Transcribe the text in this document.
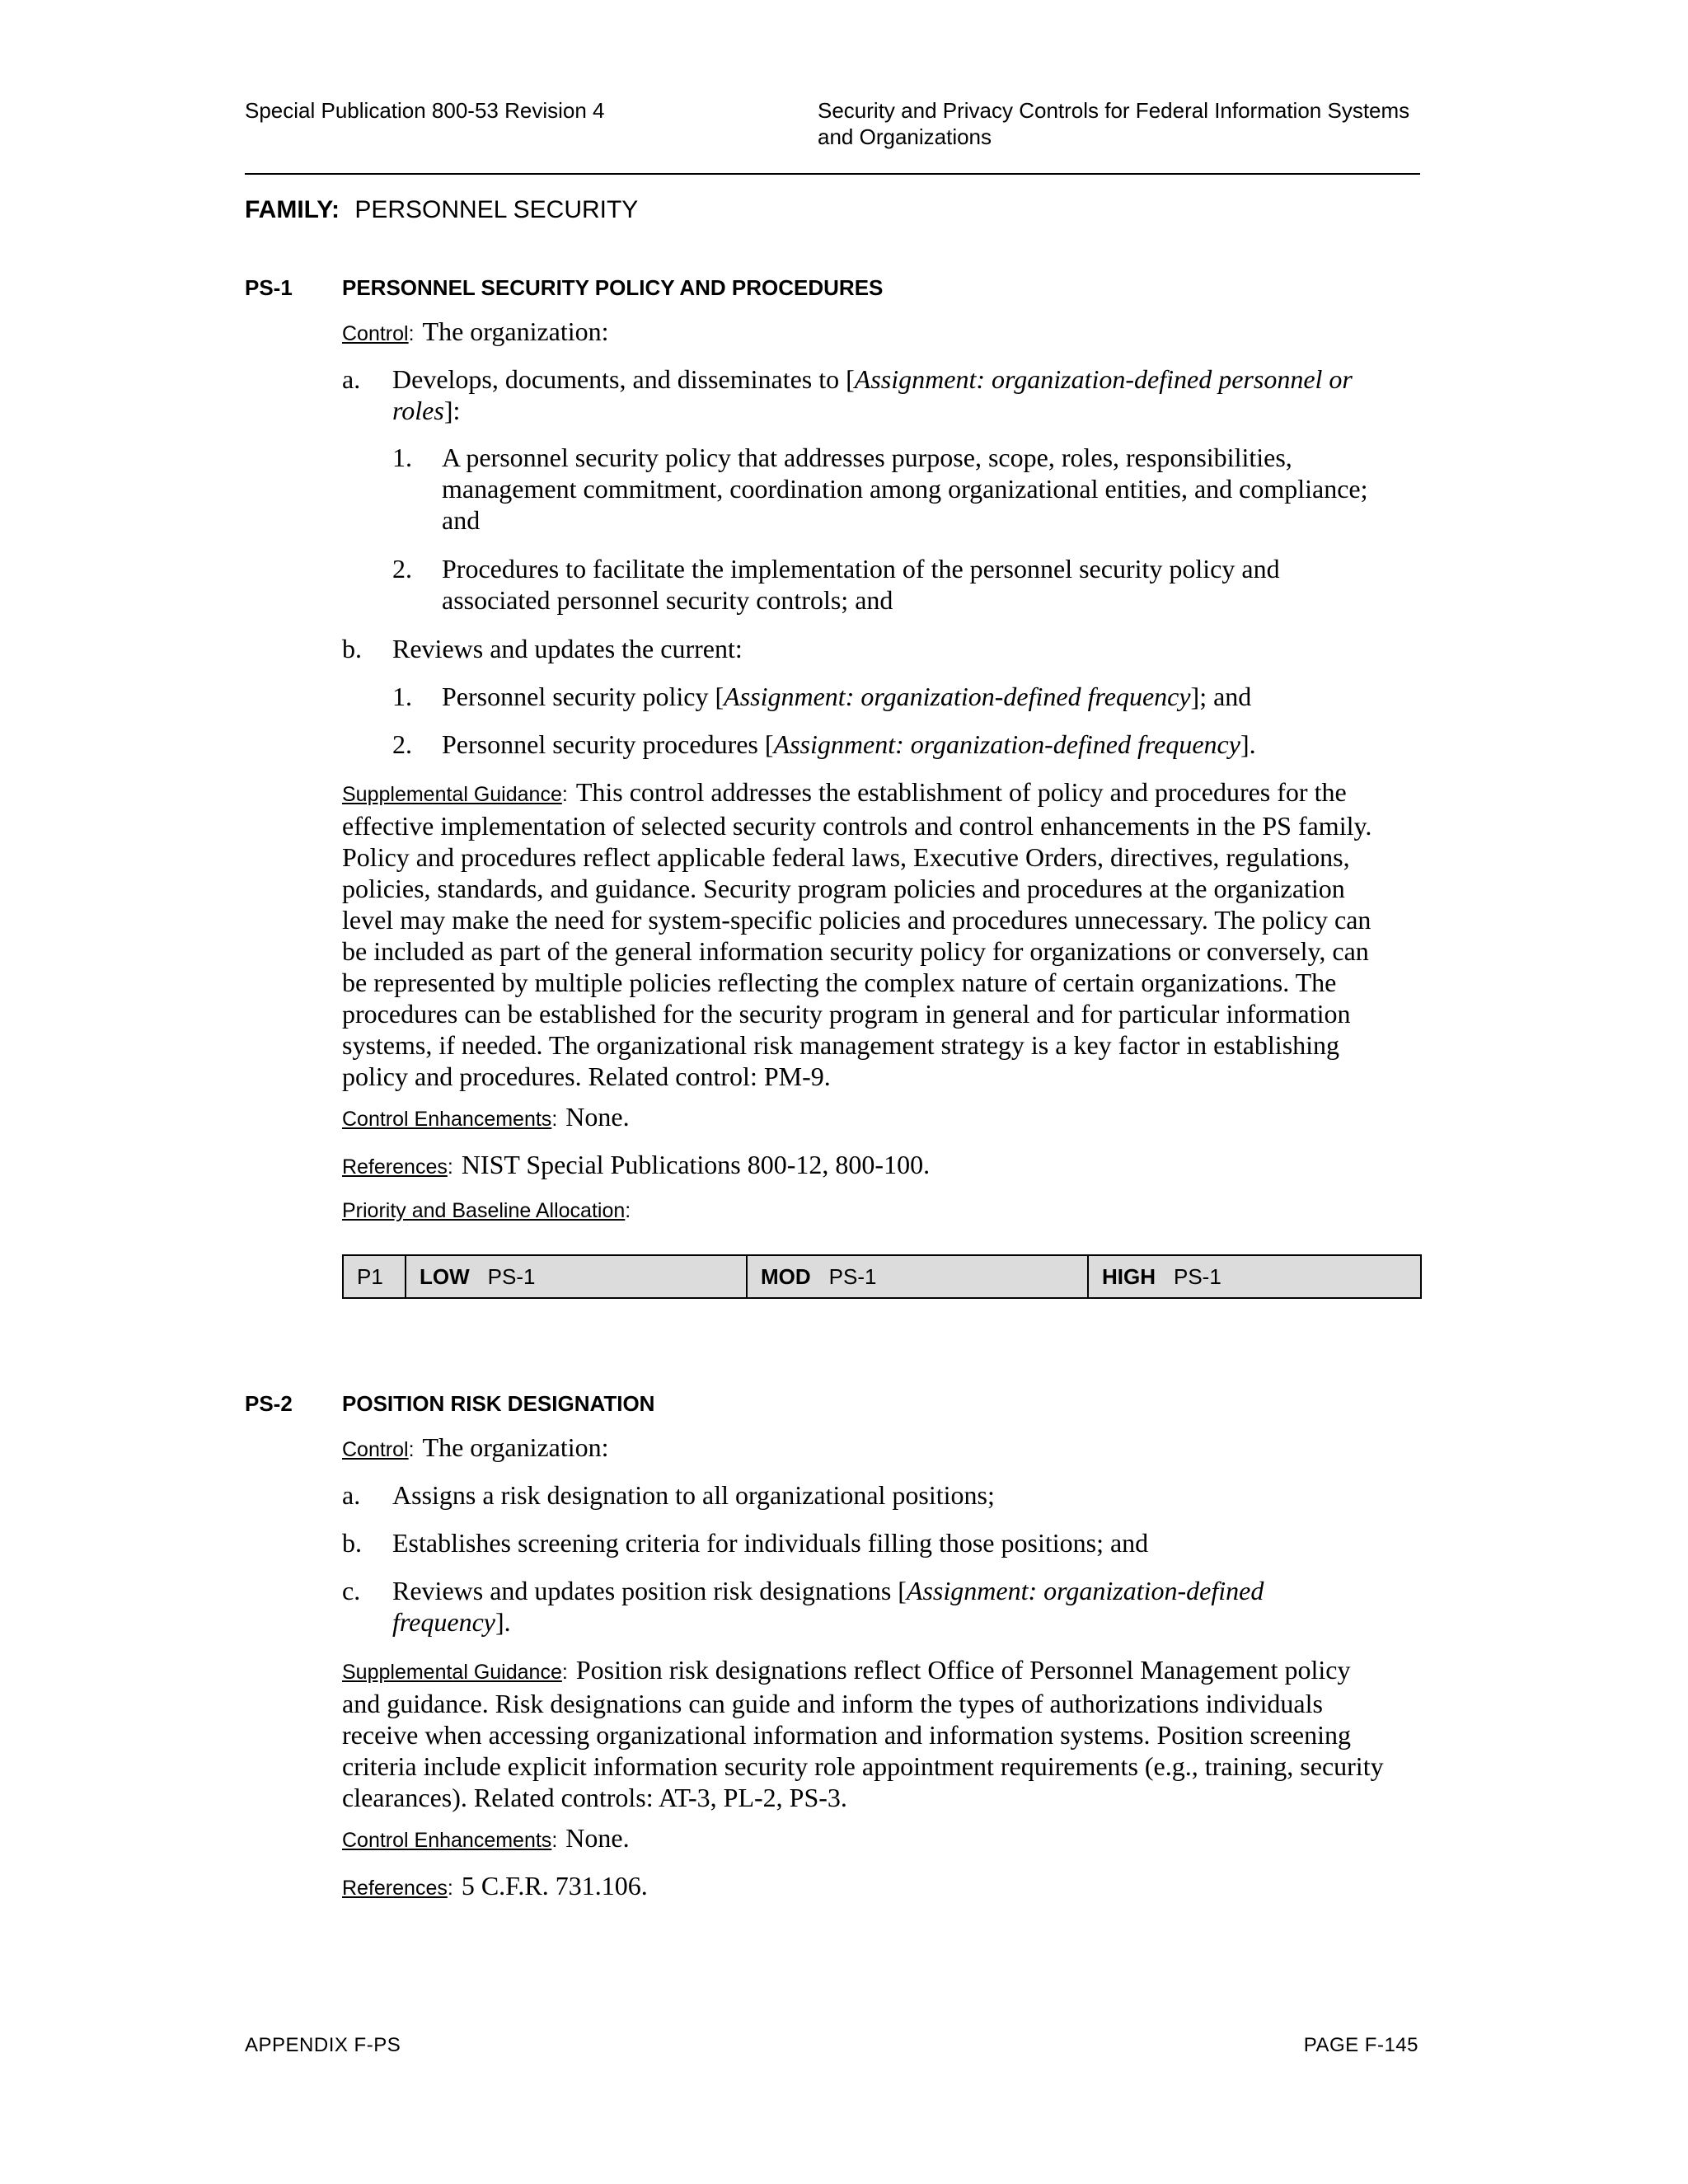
Special Publication 800-53 Revision 4	Security and Privacy Controls for Federal Information Systems
and Organizations
FAMILY: PERSONNEL SECURITY
PS-1 PERSONNEL SECURITY POLICY AND PROCEDURES
Control: The organization:
a. Develops, documents, and disseminates to [Assignment: organization-defined personnel or
roles]:
1. A personnel security policy that addresses purpose, scope, roles, responsibilities,
management commitment, coordination among organizational entities, and compliance;
and
2. Procedures to facilitate the implementation of the personnel security policy and
associated personnel security controls; and
b. Reviews and updates the current:
1. Personnel security policy [Assignment: organization-defined frequency]; and
2. Personnel security procedures [Assignment: organization-defined frequency].
Supplemental Guidance: This control addresses the establishment of policy and procedures for the
effective implementation of selected security controls and control enhancements in the PS family.
Policy and procedures reflect applicable federal laws, Executive Orders, directives, regulations,
policies, standards, and guidance. Security program policies and procedures at the organization
level may make the need for system-specific policies and procedures unnecessary. The policy can
be included as part of the general information security policy for organizations or conversely, can
be represented by multiple policies reflecting the complex nature of certain organizations. The
procedures can be established for the security program in general and for particular information
systems, if needed. The organizational risk management strategy is a key factor in establishing
policy and procedures. Related control: PM-9.
Control Enhancements: None.
References: NIST Special Publications 800-12, 800-100.
Priority and Baseline Allocation:
P1 LOW PS-1	MOD PS-1	HIGH PS-1
PS-2 POSITION RISK DESIGNATION
Control: The organization:
a. Assigns a risk designation to all organizational positions;
b. Establishes screening criteria for individuals filling those positions; and
c. Reviews and updates position risk designations [Assignment: organization-defined
frequency].
Supplemental Guidance: Position risk designations reflect Office of Personnel Management policy
and guidance. Risk designations can guide and inform the types of authorizations individuals
receive when accessing organizational information and information systems. Position screening
criteria include explicit information security role appointment requirements (e.g., training, security
clearances). Related controls: AT-3, PL-2, PS-3.
Control Enhancements: None.
References: 5 C.F.R. 731.106.
APPENDIX F-PS	PAGE F-145
